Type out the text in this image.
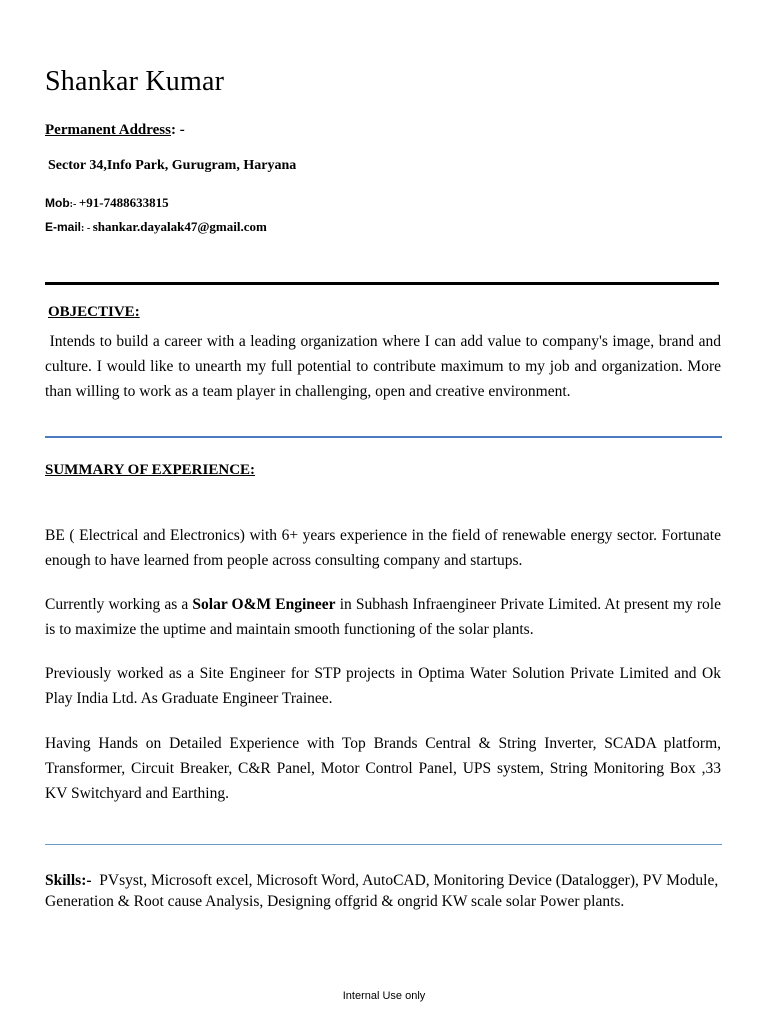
Shankar Kumar
Permanent Address: -
Sector 34,Info Park, Gurugram, Haryana
Mob:- +91-7488633815
E-mail: - shankar.dayalak47@gmail.com
OBJECTIVE:
Intends to build a career with a leading organization where I can add value to company's image, brand and culture. I would like to unearth my full potential to contribute maximum to my job and organization. More than willing to work as a team player in challenging, open and creative environment.
SUMMARY OF EXPERIENCE:
BE ( Electrical and Electronics) with 6+ years experience in the field of renewable energy sector. Fortunate enough to have learned from people across consulting company and startups.
Currently working as a Solar O&M Engineer in Subhash Infraengineer Private Limited. At present my role is to maximize the uptime and maintain smooth functioning of the solar plants.
Previously worked as a Site Engineer for STP projects in Optima Water Solution Private Limited and Ok Play India Ltd. As Graduate Engineer Trainee.
Having Hands on Detailed Experience with Top Brands Central & String Inverter, SCADA platform, Transformer, Circuit Breaker, C&R Panel, Motor Control Panel, UPS system, String Monitoring Box ,33 KV Switchyard and Earthing.
Skills:- PVsyst, Microsoft excel, Microsoft Word, AutoCAD, Monitoring Device (Datalogger), PV Module, Generation & Root cause Analysis, Designing offgrid & ongrid KW scale solar Power plants.
Internal Use only
